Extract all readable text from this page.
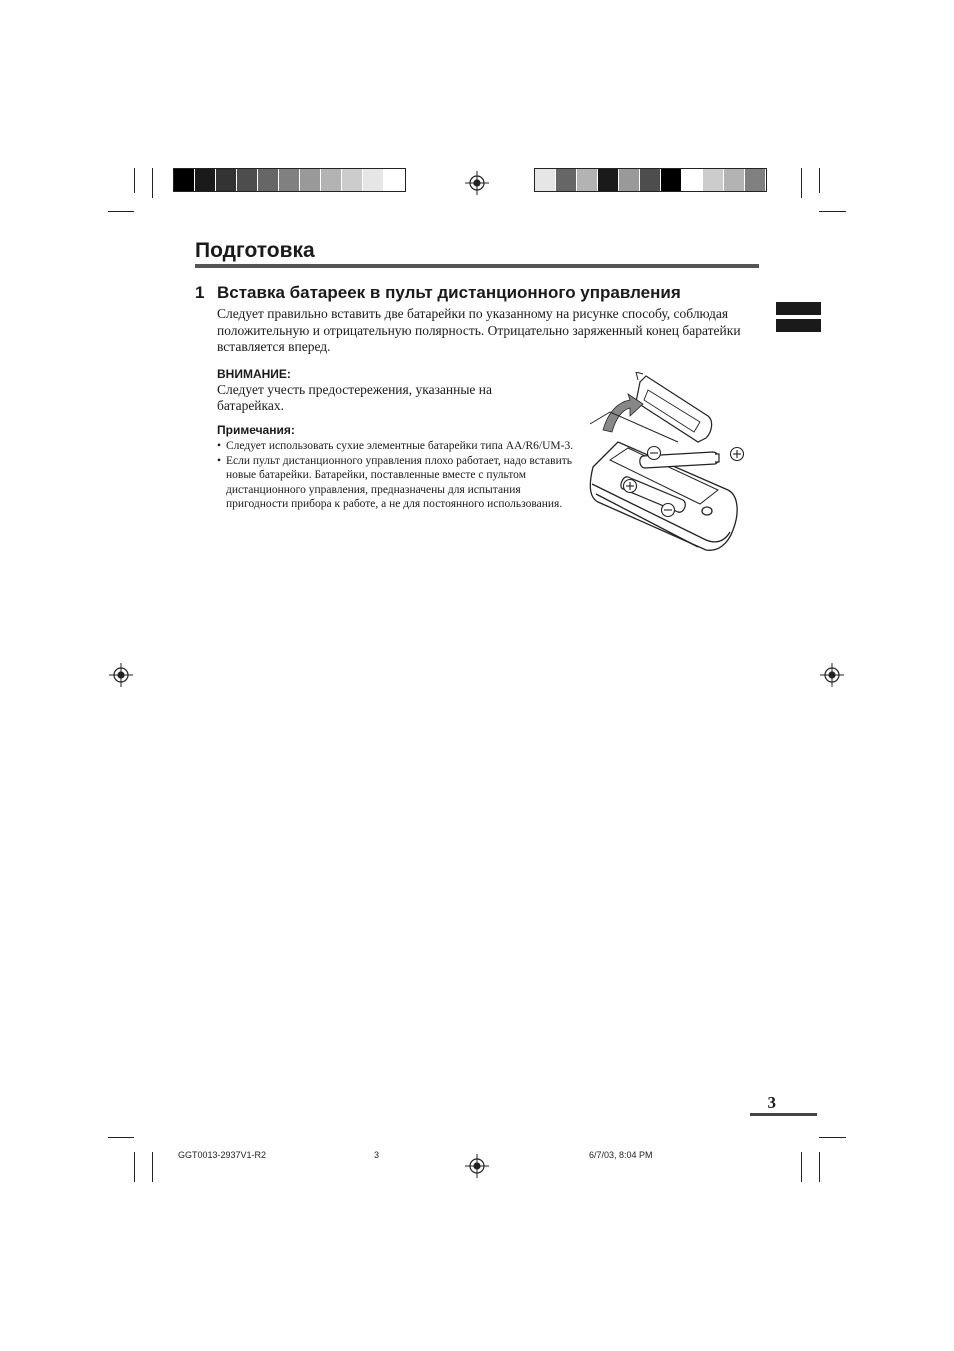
Подготовка
1 Вставка батареек в пульт дистанционного управления
Следует правильно вставить две батарейки по указанному на рисунке способу, соблюдая положительную и отрицательную полярность. Отрицательно заряженный конец баратейки вставляется вперед.
ВНИМАНИЕ:
Следует учесть предостережения, указанные на батарейках.
Примечания:
• Следует использовать сухие элементные батарейки типа AA/R6/UM-3.
• Если пульт дистанционного управления плохо работает, надо вставить новые батарейки. Батарейки, поставленные вместе с пультом дистанционного управления, предназначены для испытания пригодности прибора к работе, а не для постоянного использования.
3
GGT0013-2937V1-R2	3	6/7/03, 8:04 PM
